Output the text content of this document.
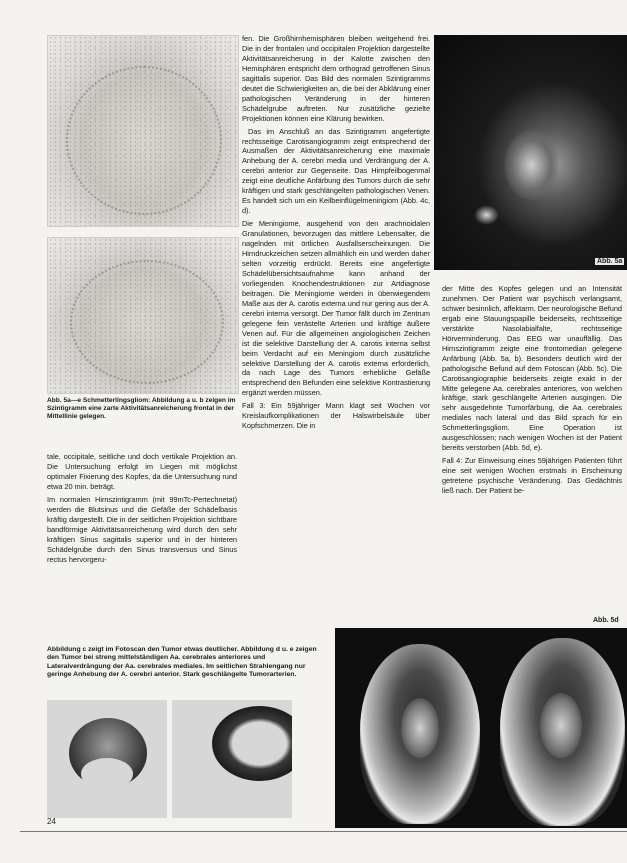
Abb. 5a—e Schmetterlingsgliom: Abbildung a u. b zeigen im Szintigramm eine zarte Aktivitätsanreicherung frontal in der Mittellinie gelegen.

tale, occipitale, seitliche und doch vertikale Projektion an. Die Untersuchung erfolgt im Liegen mit möglichst optimaler Fixierung des Kopfes, da die Untersuchung rund etwa 20 min. beträgt.

Im normalen Hirnszintigramm (mit 99mTc-Pertechnetat) werden die Blutsinus und die Gefäße der Schädelbasis kräftig dargestellt. Die in der seitlichen Projektion sichtbare bandförmige Aktivitätsanreicherung wird durch den sehr kräftigen Sinus sagittalis superior und in der hinteren Schädelgrube durch den Sinus transversus und Sinus rectus hervorgeru-

fen. Die Großhirnhemisphären bleiben weitgehend frei. Die in der frontalen und occipitalen Projektion dargestellte Aktivitätsanreicherung in der Kalotte zwischen den Hemisphären entspricht dem orthograd getroffenen Sinus sagittalis superior. Das Bild des normalen Szintigramms deutet die Schwierigkeiten an, die bei der Abklärung einer pathologischen Veränderung in der hinteren Schädelgrube auftreten. Nur zusätzliche gezielte Projektionen können eine Klärung bewirken.

Das im Anschluß an das Szintigramm angefertigte rechtsseitige Carotisangiogramm zeigt entsprechend der Ausmaßen der Aktivitätsanreicherung eine maximale Anhebung der A. cerebri media und Verdrängung der A. cerebri anterior zur Gegenseite. Das Hirnpfeilbogenmal zeigt eine deutliche Anfärbung des Tumors durch die sehr kräftigen und stark geschlängelten pathologischen Venen. Es handelt sich um ein Keilbeinflügelmeningiom (Abb. 4c, d).

Die Meningiome, ausgehend von den arachnoidalen Granulationen, bevorzugen das mittlere Lebensalter, die nagelnden mit örtlichen Ausfallserscheinungen. Die Hirndruckzeichen setzen allmählich ein und werden daher selten vorzeitig erdrückt. Bereits eine angefertigte Schädelübersichtsaufnahme kann anhand der vorliegenden Knochendestruktionen zur Artdiagnose beitragen. Die Meningiome werden in überwiegendem Maße aus der A. carotis externa und nur gering aus der A. cerebri interna versorgt. Der Tumor fällt durch im Zentrum gelegene fein verästelte Arterien und kräftige äußere Venen auf. Für die allgemeinen angiologischen Zeichen ist die selektive Darstellung der A. carotis interna selbst beim Verdacht auf ein Meningiom durch zusätzliche selektive Darstellung der A. carotis externa erforderlich, da nach Lage des Tumors erhebliche Gefäße entsprechend den Befunden eine selektive Kontrastierung ergänzt werden müssen.

Fall 3: Ein 59jähriger Mann klagt seit Wochen vor Kreislaufkomplikationen der Halswirbelsäule über Kopfschmerzen. Die in

Abb. 5a

der Mitte des Kopfes gelegen und an Intensität zunehmen. Der Patient war psychisch verlangsamt, schwer besinnlich, affektarm. Der neurologische Befund ergab eine Stauungspapille beiderseits, rechtsseitige verstärkte Nasolabialfalte, rechtsseitige Hörverminderung. Das EEG war unauffällig. Das Hirnszintigramm zeigte eine frontomedian gelegene Anfärbung (Abb. 5a, b). Besonders deutlich wird der pathologische Befund auf dem Fotoscan (Abb. 5c). Die Carotisangiographie beiderseits zeigte exakt in der Mitte gelegene Aa. cerebrales anteriores, von welchen kräftige, stark geschlängelte Arterien ausgingen. Die sehr ausgedehnte Tumorfärbung, die Aa. cerebrales mediales nach lateral und das Bild sprach für ein Schmetterlingsgliom. Eine Operation ist ausgeschlossen; nach wenigen Wochen ist der Patient bereits verstorben (Abb. 5d, e).

Fall 4: Zur Einweisung eines 59jährigen Patienten führt eine seit wenigen Wochen erstmals in Erscheinung getretene psychische Veränderung. Das Gedächtnis ließ nach. Der Patient be-

Abb. 5d
Abbildung c zeigt im Fotoscan den Tumor etwas deutlicher. Abbildung d u. e zeigen den Tumor bei streng mittelständigen Aa. cerebrales anteriores und Lateralverdrängung der Aa. cerebrales mediales. Im seitlichen Strahlengang nur geringe Anhebung der A. cerebri anterior. Stark geschlängelte Tumorarterien.
24
